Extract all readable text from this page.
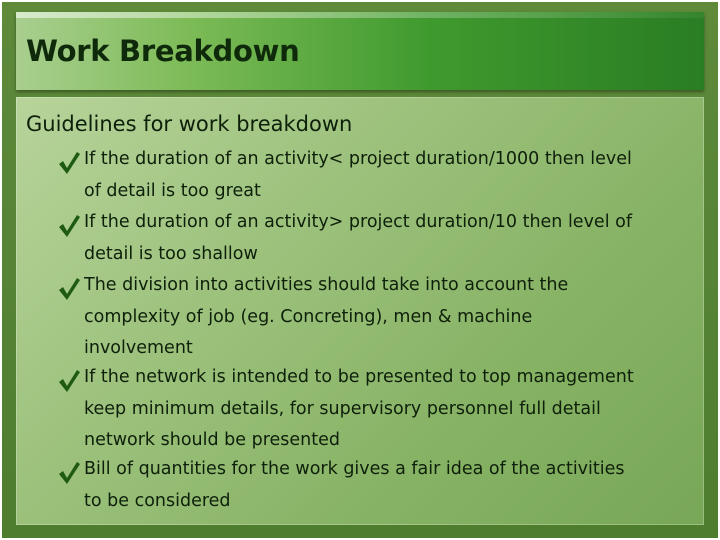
Work Breakdown
Guidelines for work breakdown
If the duration of an activity< project duration/1000 then level
of detail is too great
If the duration of an activity> project duration/10 then level of
detail is too shallow
The division into activities should take into account the
complexity of job (eg. Concreting), men & machine
involvement
If the network is intended to be presented to top management
keep minimum details, for supervisory personnel full detail
network should be presented
Bill of quantities for the work gives a fair idea of the activities
to be considered
